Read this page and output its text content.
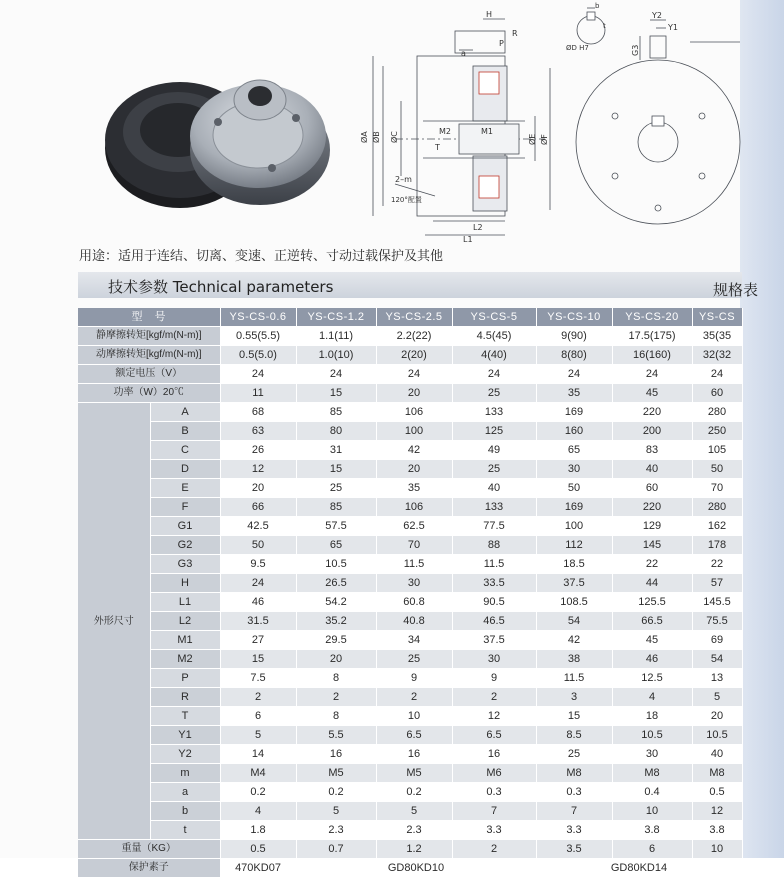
H
a
P
R
ØA ØB ØC	M2	M1
ØE ØF
T
2–m
120°配置
L2
L1
b
ØD H7
t
Y2
Y1
G3
用途：适用于连结、切离、变速、正逆转、寸动过载保护及其他
技术参数 Technical parameters	规格表
型　号		YS-CS-0.6	YS-CS-1.2	YS-CS-2.5	YS-CS-5	YS-CS-10	YS-CS-20	YS-CS
静摩擦转矩[kgf/m(N-m)]		0.55(5.5)	1.1(11)	2.2(22)	4.5(45)	9(90)	17.5(175)	35(35
动摩擦转矩[kgf/m(N-m)]		0.5(5.0)	1.0(10)	2(20)	4(40)	8(80)	16(160)	32(32
额定电压（V）		24	24	24	24	24	24	24
功率（W）20℃		11	15	20	25	35	45	60
外形尺寸	A	68	85	106	133	169	220	280
	B	63	80	100	125	160	200	250
	C	26	31	42	49	65	83	105
	D	12	15	20	25	30	40	50
	E	20	25	35	40	50	60	70
	F	66	85	106	133	169	220	280
	G1	42.5	57.5	62.5	77.5	100	129	162
	G2	50	65	70	88	112	145	178
	G3	9.5	10.5	11.5	11.5	18.5	22	22
	H	24	26.5	30	33.5	37.5	44	57
	L1	46	54.2	60.8	90.5	108.5	125.5	145.5
	L2	31.5	35.2	40.8	46.5	54	66.5	75.5
	M1	27	29.5	34	37.5	42	45	69
	M2	15	20	25	30	38	46	54
	P	7.5	8	9	9	11.5	12.5	13
	R	2	2	2	2	3	4	5
	T	6	8	10	12	15	18	20
	Y1	5	5.5	6.5	6.5	8.5	10.5	10.5
	Y2	14	16	16	16	25	30	40
	m	M4	M5	M5	M6	M8	M8	M8
	a	0.2	0.2	0.2	0.3	0.3	0.4	0.5
	b	4	5	5	7	7	10	12
	t	1.8	2.3	2.3	3.3	3.3	3.8	3.8
重量（KG）		0.5	0.7	1.2	2	3.5	6	10
保护素子		470KD07	GD80KD10			GD80KD14		
